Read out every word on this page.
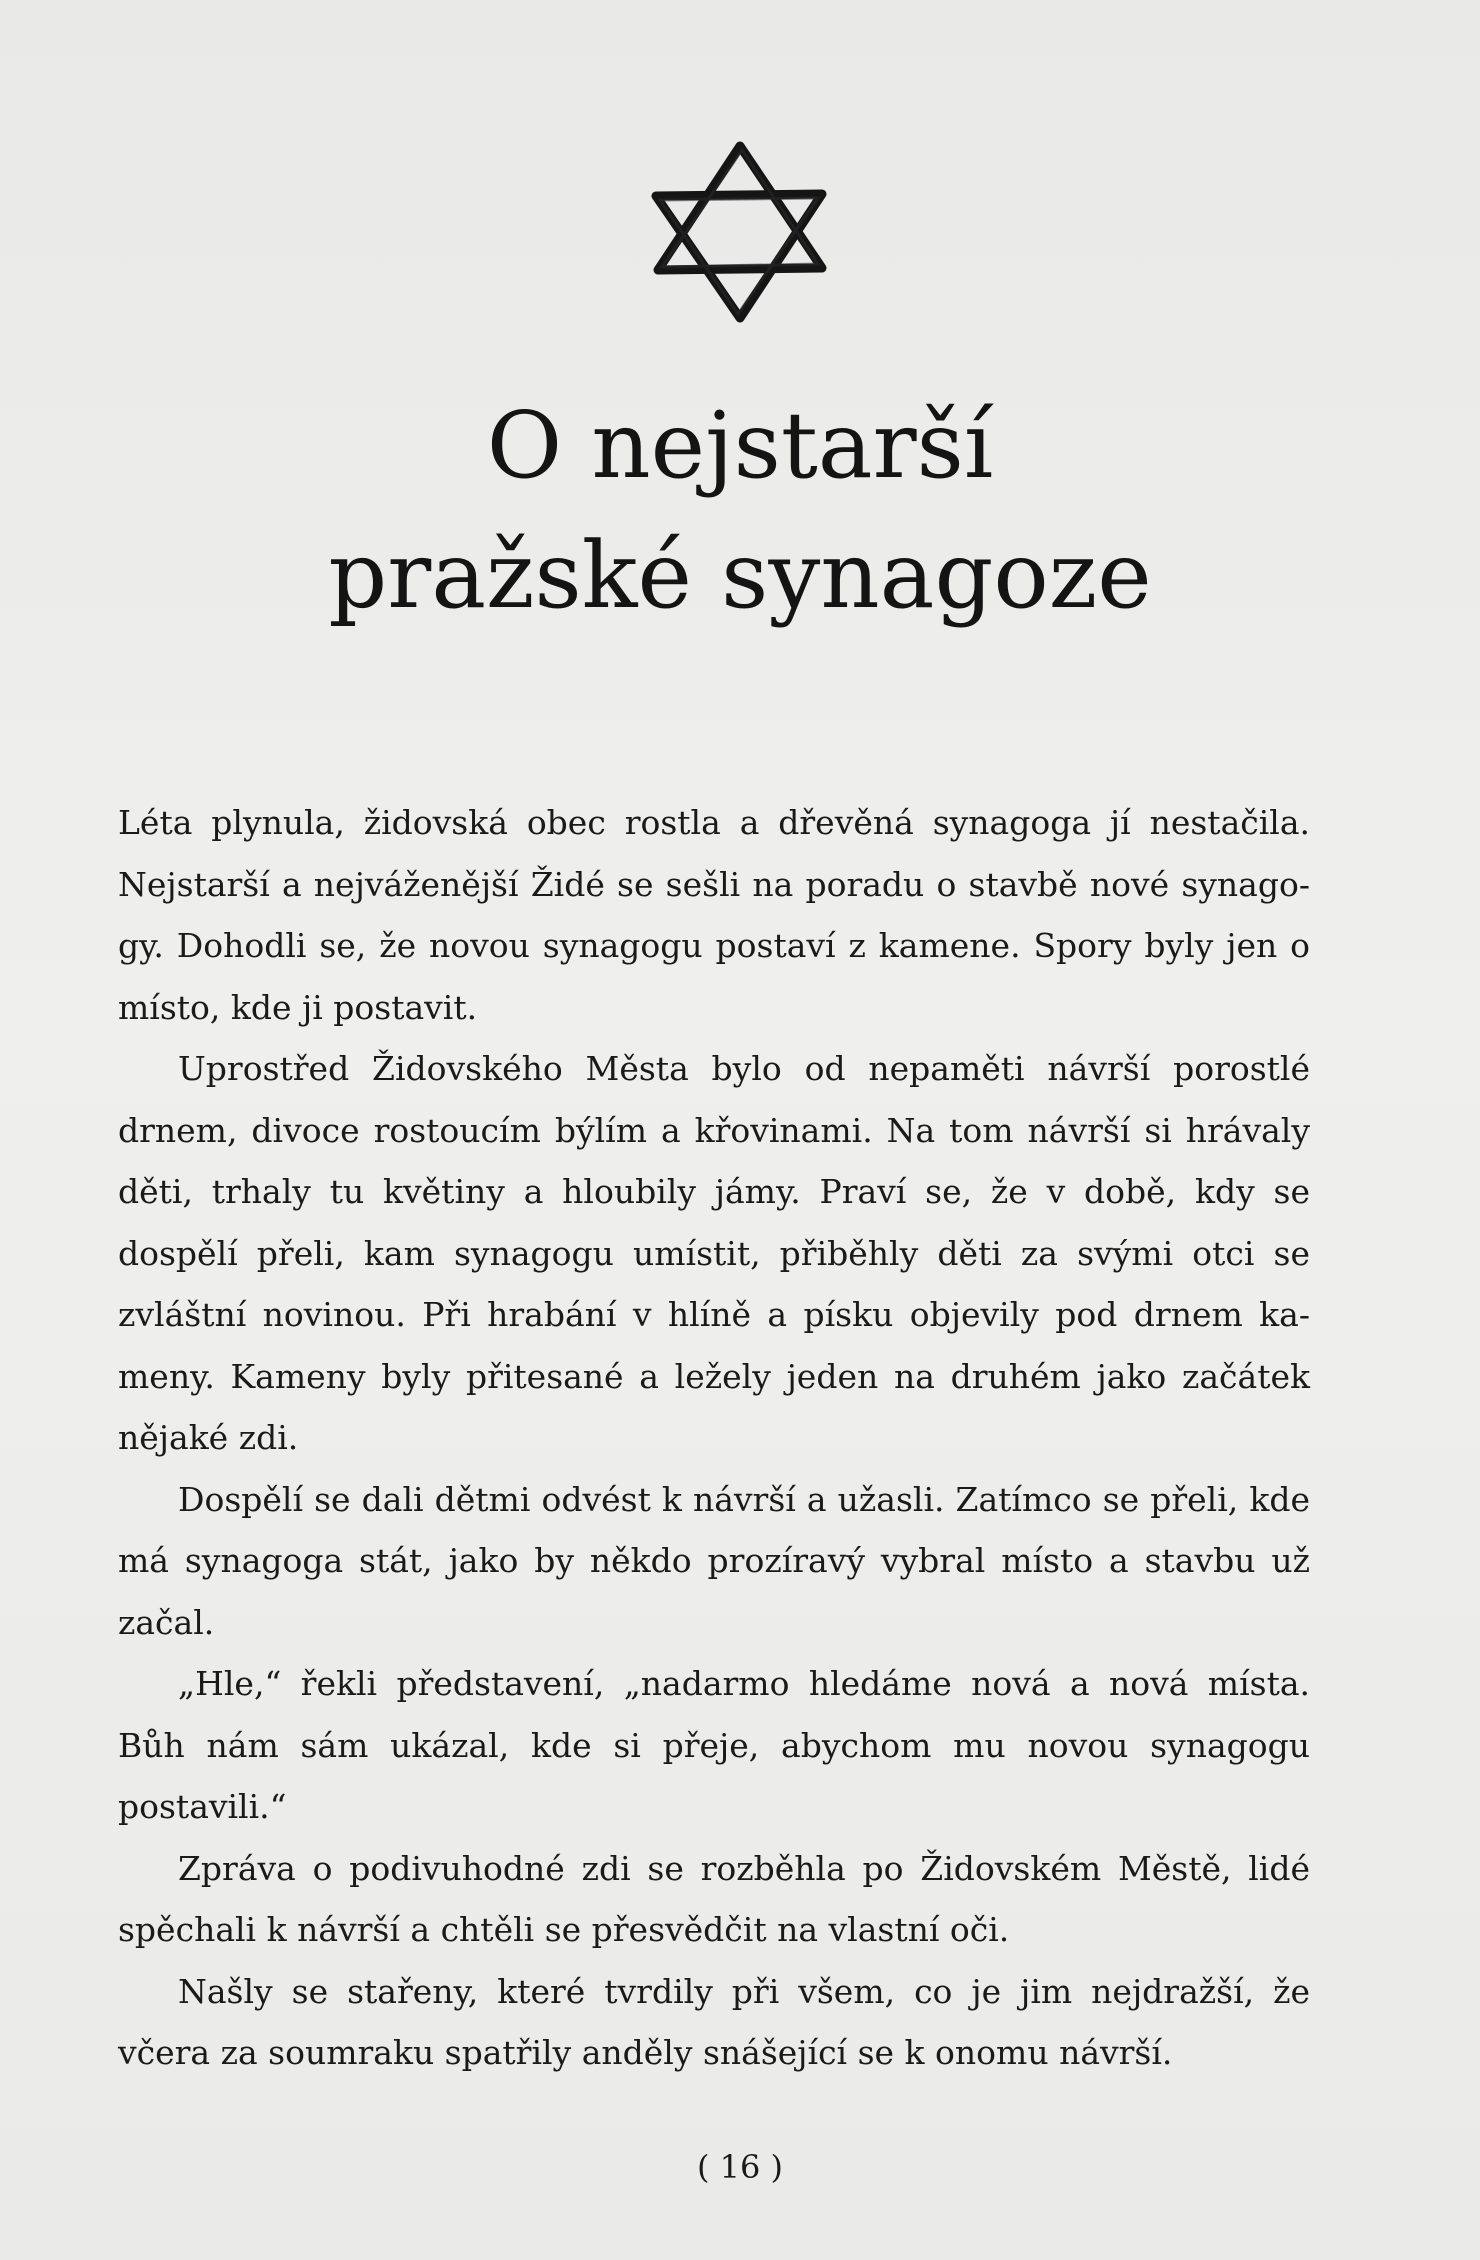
O nejstarší
pražské synagoze

Léta plynula, židovská obec rostla a dřevěná synagoga jí nestačila. Nejstarší a nejváženější Židé se sešli na poradu o stavbě nové synagogy. Dohodli se, že novou synagogu postaví z kamene. Spory byly jen o místo, kde ji postavit.

Uprostřed Židovského Města bylo od nepaměti návrší porostlé drnem, divoce rostoucím býlím a křovinami. Na tom návrší si hrávaly děti, trhaly tu květiny a hloubily jámy. Praví se, že v době, kdy se dospělí přeli, kam synagogu umístit, přiběhly děti za svými otci se zvláštní novinou. Při hrabání v hlíně a písku objevily pod drnem kameny. Kameny byly přitesané a ležely jeden na druhém jako začátek nějaké zdi.

Dospělí se dali dětmi odvést k návrší a užasli. Zatímco se přeli, kde má synagoga stát, jako by někdo prozíravý vybral místo a stavbu už začal.

„Hle,“ řekli představení, „nadarmo hledáme nová a nová místa. Bůh nám sám ukázal, kde si přeje, abychom mu novou synagogu postavili.“

Zpráva o podivuhodné zdi se rozběhla po Židovském Městě, lidé spěchali k návrší a chtěli se přesvědčit na vlastní oči.

Našly se stařeny, které tvrdily při všem, co je jim nejdražší, že včera za soumraku spatřily anděly snášející se k onomu návrší.

( 16 )
